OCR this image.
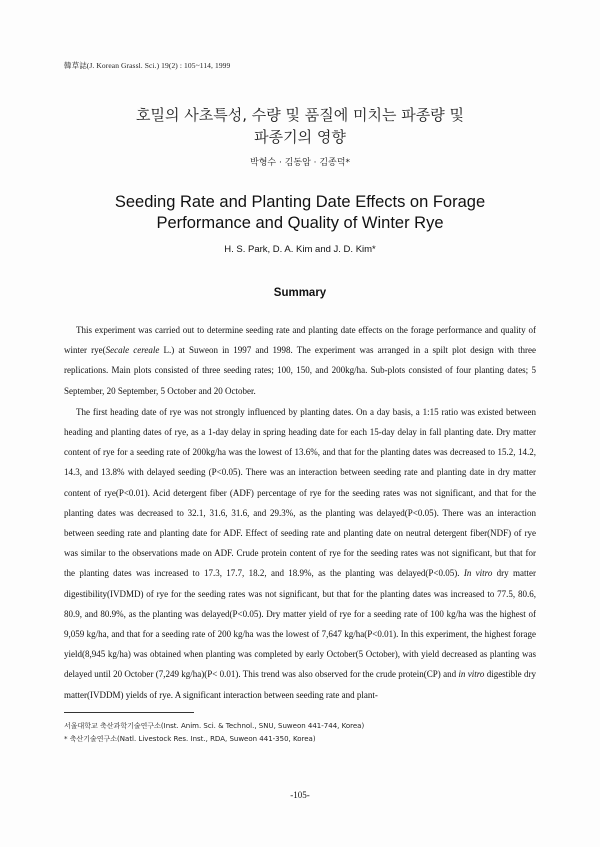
韓草誌(J. Korean Grassl. Sci.) 19(2) : 105~114, 1999
호밀의 사초특성, 수량 및 품질에 미치는 파종량 및
파종기의 영향
박형수 · 김동암 · 김종덕*
Seeding Rate and Planting Date Effects on Forage
Performance and Quality of Winter Rye
H. S. Park, D. A. Kim and J. D. Kim*
Summary

This experiment was carried out to determine seeding rate and planting date effects on the forage performance and quality of winter rye(Secale cereale L.) at Suweon in 1997 and 1998. The experiment was arranged in a spilt plot design with three replications. Main plots consisted of three seeding rates; 100, 150, and 200kg/ha. Sub-plots consisted of four planting dates; 5 September, 20 September, 5 October and 20 October.

The first heading date of rye was not strongly influenced by planting dates. On a day basis, a 1:15 ratio was existed between heading and planting dates of rye, as a 1-day delay in spring heading date for each 15-day delay in fall planting date. Dry matter content of rye for a seeding rate of 200kg/ha was the lowest of 13.6%, and that for the planting dates was decreased to 15.2, 14.2, 14.3, and 13.8% with delayed seeding (P<0.05). There was an interaction between seeding rate and planting date in dry matter content of rye(P<0.01). Acid detergent fiber (ADF) percentage of rye for the seeding rates was not significant, and that for the planting dates was decreased to 32.1, 31.6, 31.6, and 29.3%, as the planting was delayed(P<0.05). There was an interaction between seeding rate and planting date for ADF. Effect of seeding rate and planting date on neutral detergent fiber(NDF) of rye was similar to the observations made on ADF. Crude protein content of rye for the seeding rates was not significant, but that for the planting dates was increased to 17.3, 17.7, 18.2, and 18.9%, as the planting was delayed(P<0.05). In vitro dry matter digestibility(IVDMD) of rye for the seeding rates was not significant, but that for the planting dates was increased to 77.5, 80.6, 80.9, and 80.9%, as the planting was delayed(P<0.05). Dry matter yield of rye for a seeding rate of 100 kg/ha was the highest of 9,059 kg/ha, and that for a seeding rate of 200 kg/ha was the lowest of 7,647 kg/ha(P<0.01). In this experiment, the highest forage yield(8,945 kg/ha) was obtained when planting was completed by early October(5 October), with yield decreased as planting was delayed until 20 October (7,249 kg/ha)(P< 0.01). This trend was also observed for the crude protein(CP) and in vitro digestible dry matter(IVDDM) yields of rye. A significant interaction between seeding rate and plant-

서울대학교 축산과학기술연구소(Inst. Anim. Sci. & Technol., SNU, Suweon 441-744, Korea)
* 축산기술연구소(Natl. Livestock Res. Inst., RDA, Suweon 441-350, Korea)
-105-
